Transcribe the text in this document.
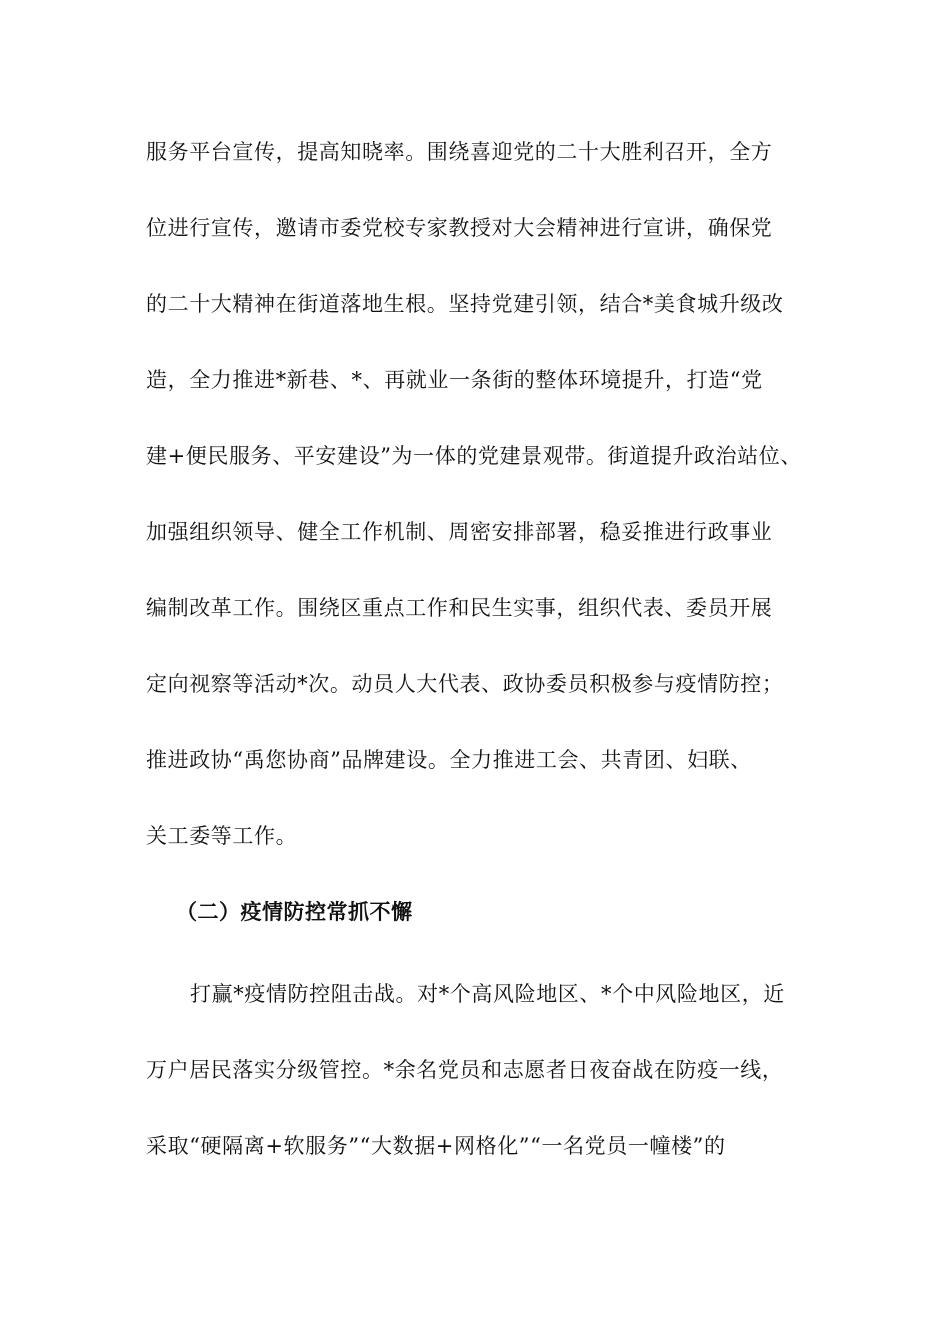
服务平台宣传，提高知晓率。围绕喜迎党的二十大胜利召开，全方
位进行宣传，邀请市委党校专家教授对大会精神进行宣讲，确保党
的二十大精神在街道落地生根。坚持党建引领，结合*美食城升级改
造，全力推进*新巷、*、再就业一条街的整体环境提升，打造“党
建+便民服务、平安建设”为一体的党建景观带。街道提升政治站位、
加强组织领导、健全工作机制、周密安排部署，稳妥推进行政事业
编制改革工作。围绕区重点工作和民生实事，组织代表、委员开展
定向视察等活动*次。动员人大代表、政协委员积极参与疫情防控；
推进政协“禹您协商”品牌建设。全力推进工会、共青团、妇联、
关工委等工作。
（二）疫情防控常抓不懈
打赢*疫情防控阻击战。对*个高风险地区、*个中风险地区，近
万户居民落实分级管控。*余名党员和志愿者日夜奋战在防疫一线，
采取“硬隔离+软服务”“大数据+网格化”“一名党员一幢楼”的
